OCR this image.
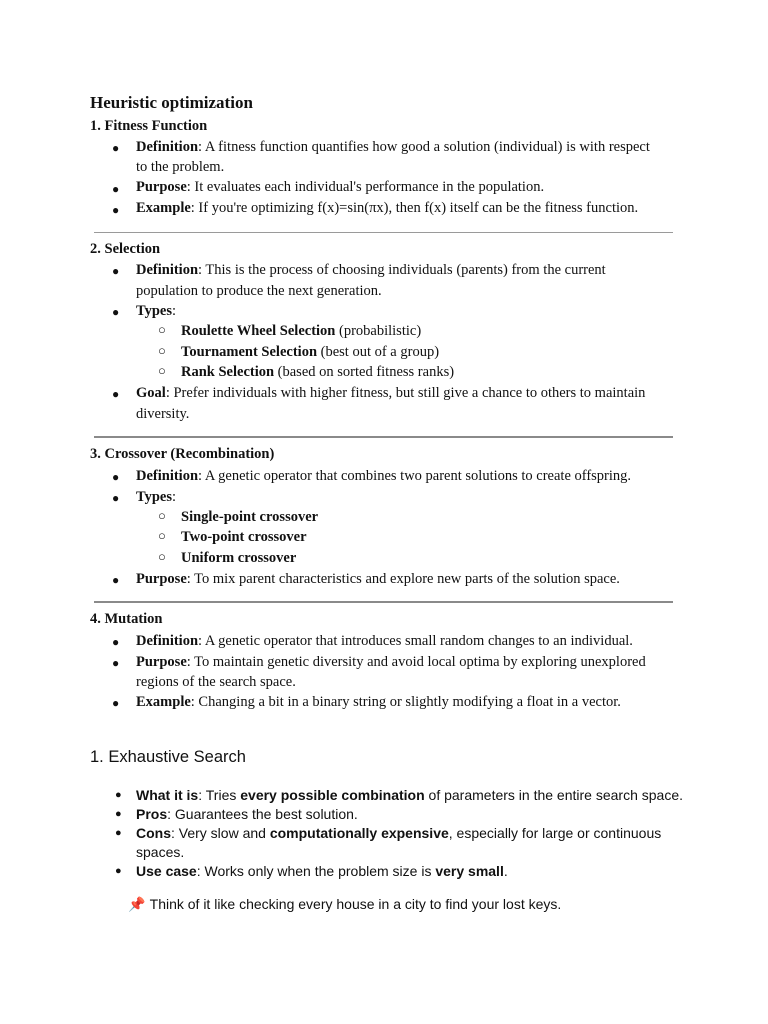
Heuristic optimization
1. Fitness Function
● Definition: A fitness function quantifies how good a solution (individual) is with respect
to the problem.
● Purpose: It evaluates each individual's performance in the population.
● Example: If you're optimizing f(x)=sin(πx), then f(x) itself can be the fitness function.
2. Selection
● Definition: This is the process of choosing individuals (parents) from the current
population to produce the next generation.
● Types:
○ Roulette Wheel Selection (probabilistic)
○ Tournament Selection (best out of a group)
○ Rank Selection (based on sorted fitness ranks)
● Goal: Prefer individuals with higher fitness, but still give a chance to others to maintain
diversity.
3. Crossover (Recombination)
● Definition: A genetic operator that combines two parent solutions to create offspring.
● Types:
○ Single-point crossover
○ Two-point crossover
○ Uniform crossover
● Purpose: To mix parent characteristics and explore new parts of the solution space.
4. Mutation
● Definition: A genetic operator that introduces small random changes to an individual.
● Purpose: To maintain genetic diversity and avoid local optima by exploring unexplored
regions of the search space.
● Example: Changing a bit in a binary string or slightly modifying a float in a vector.
1. Exhaustive Search
● What it is: Tries every possible combination of parameters in the entire search space.
● Pros: Guarantees the best solution.
● Cons: Very slow and computationally expensive, especially for large or continuous
spaces.
● Use case: Works only when the problem size is very small.
📌 Think of it like checking every house in a city to find your lost keys.
